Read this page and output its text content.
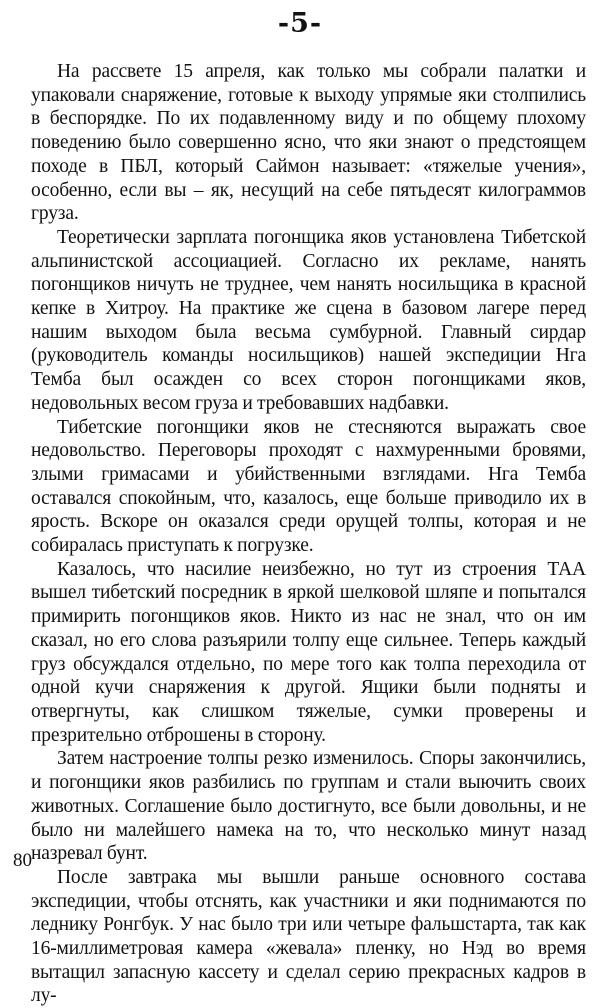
-5-

На рассвете 15 апреля, как только мы собрали палатки и упаковали снаряжение, готовые к выходу упрямые яки столпились в беспорядке. По их подавленному виду и по общему плохому поведению было совершенно ясно, что яки знают о предстоящем походе в ПБЛ, который Саймон называет: «тяжелые учения», особенно, если вы – як, несущий на себе пятьдесят килограммов груза.

Теоретически зарплата погонщика яков установлена Тибетской альпинистской ассоциацией. Согласно их рекламе, нанять погонщиков ничуть не труднее, чем нанять носильщика в красной кепке в Хитроу. На практике же сцена в базовом лагере перед нашим выходом была весьма сумбурной. Главный сирдар (руководитель команды носильщиков) нашей экспедиции Нга Темба был осажден со всех сторон погонщиками яков, недовольных весом груза и требовавших надбавки.

Тибетские погонщики яков не стесняются выражать свое недовольство. Переговоры проходят с нахмуренными бровями, злыми гримасами и убийственными взглядами. Нга Темба оставался спокойным, что, казалось, еще больше приводило их в ярость. Вскоре он оказался среди орущей толпы, которая и не собиралась приступать к погрузке.

Казалось, что насилие неизбежно, но тут из строения ТАА вышел тибетский посредник в яркой шелковой шляпе и попытался примирить погонщиков яков. Никто из нас не знал, что он им сказал, но его слова разъярили толпу еще сильнее. Теперь каждый груз обсуждался отдельно, по мере того как толпа переходила от одной кучи снаряжения к другой. Ящики были подняты и отвергнуты, как слишком тяжелые, сумки проверены и презрительно отброшены в сторону.

Затем настроение толпы резко изменилось. Споры закончились, и погонщики яков разбились по группам и стали выючить своих животных. Соглашение было достигнуто, все были довольны, и не было ни малейшего намека на то, что несколько минут назад назревал бунт.

После завтрака мы вышли раньше основного состава экспедиции, чтобы отснять, как участники и яки поднимаются по леднику Ронгбук. У нас было три или четыре фальшстарта, так как 16-миллиметровая камера «жевала» пленку, но Нэд во время вытащил запасную кассету и сделал серию прекрасных кадров в лу-

80
